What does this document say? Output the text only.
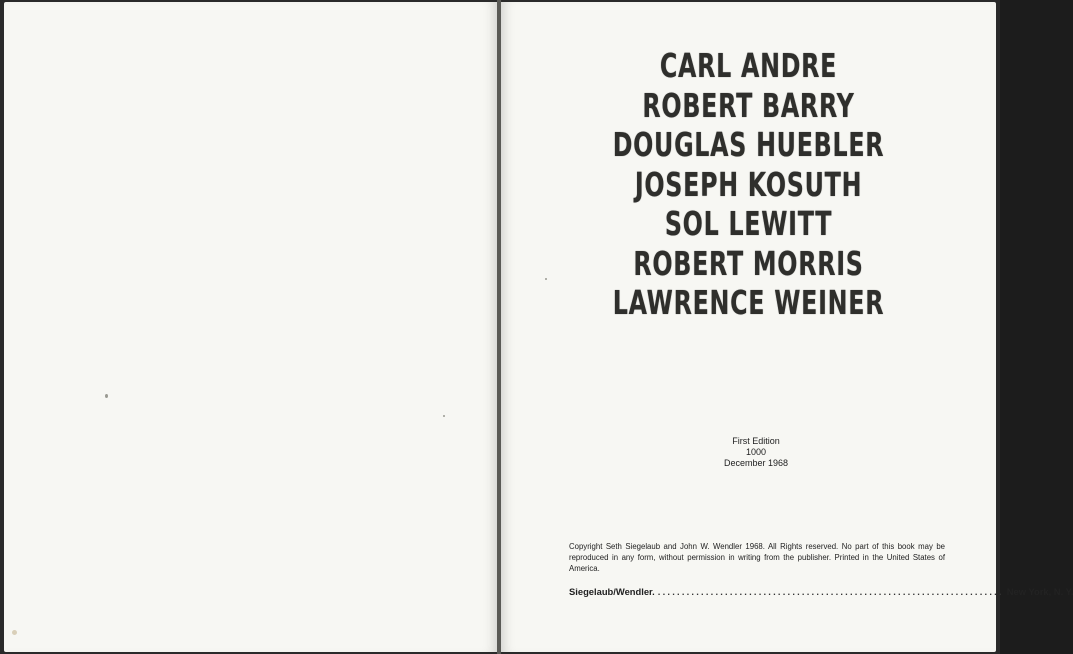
CARL ANDRE
ROBERT BARRY
DOUGLAS HUEBLER
JOSEPH KOSUTH
SOL LEWITT
ROBERT MORRIS
LAWRENCE WEINER
First Edition
1000
December 1968
Copyright Seth Siegelaub and John W. Wendler 1968. All Rights reserved. No part of this book may be reproduced in any form, without permission in writing from the publisher. Printed in the United States of America.
Siegelaub/Wendler. ........................................................................ New York, N. Y.
